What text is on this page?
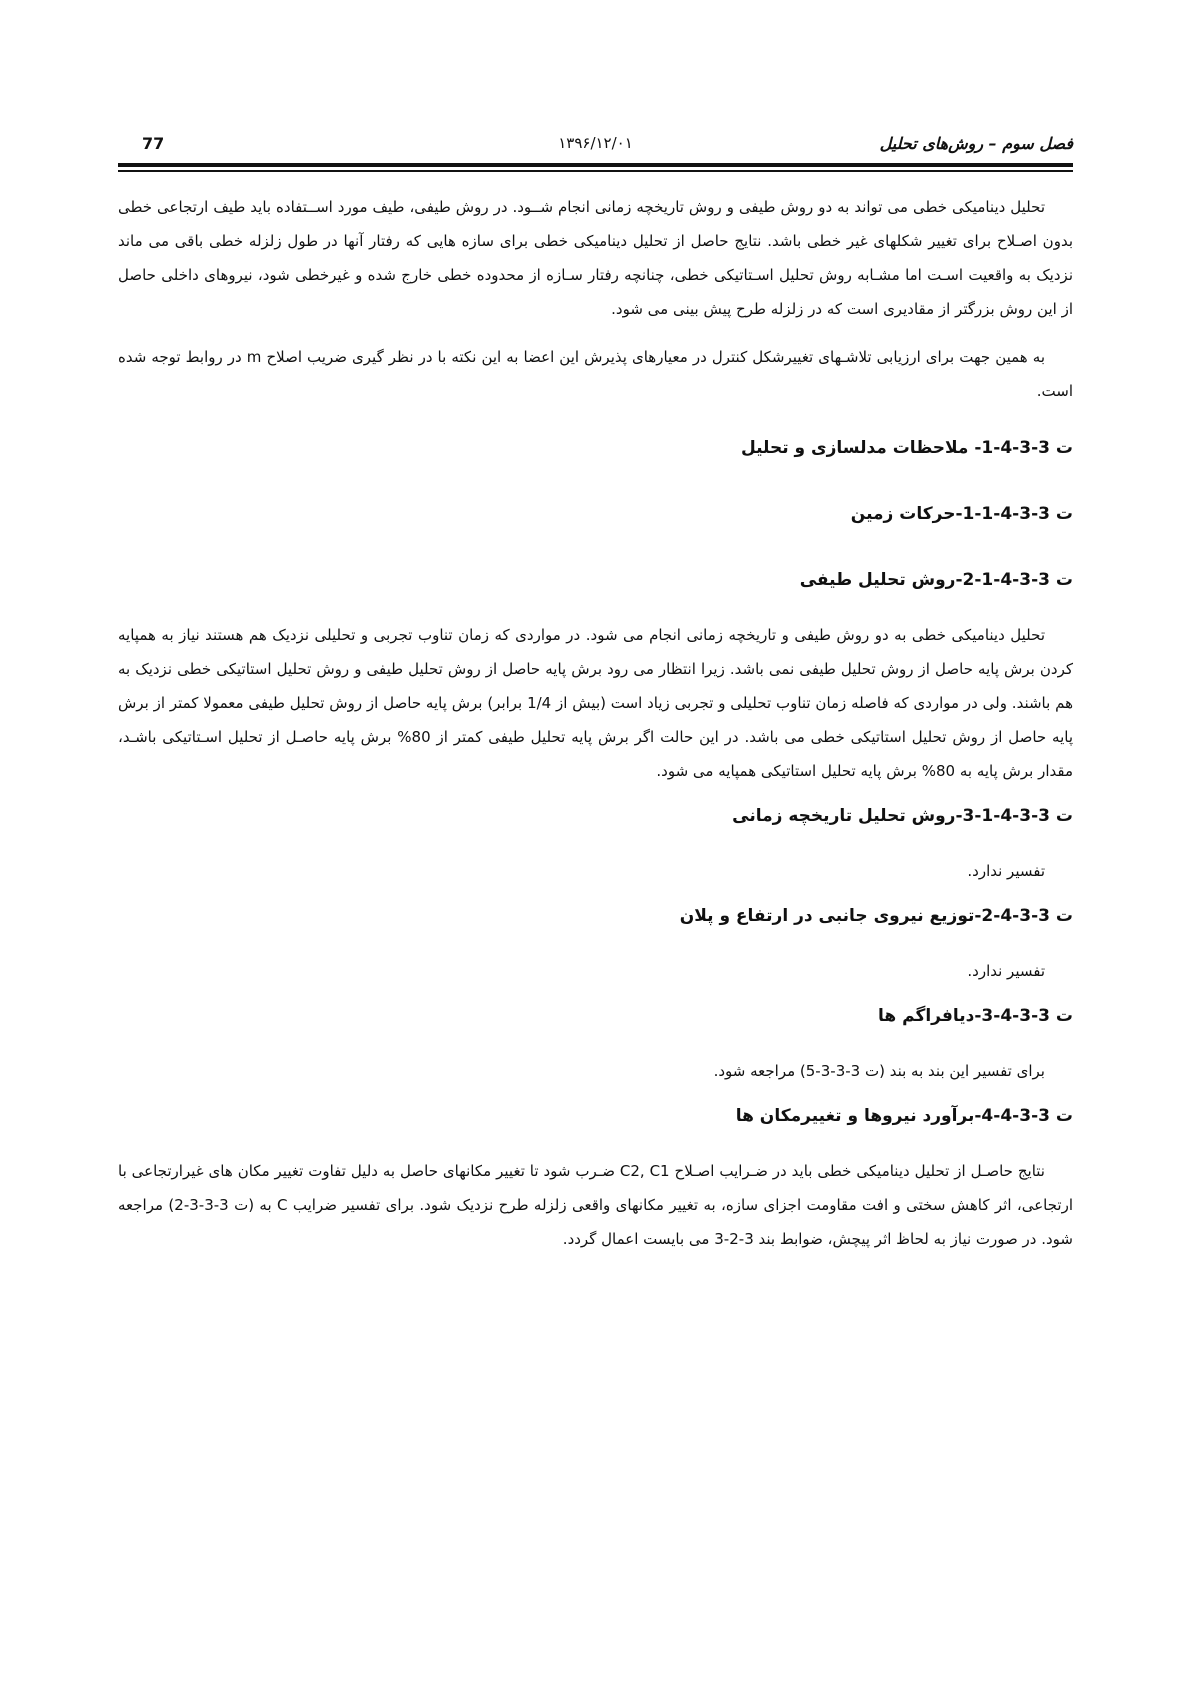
فصل سوم – روش‌های تحلیل
۱۳۹۶/۱۲/۰۱
77

تحلیل دینامیکی خطی می تواند به دو روش طیفی و روش تاریخچه زمانی انجام شــود. در روش طیفی، طیف مورد اســتفاده باید طیف ارتجاعی خطی بدون اصـلاح برای تغییر شکلهای غیر خطی باشد. نتایج حاصل از تحلیل دینامیکی خطی برای سازه هایی که رفتار آنها در طول زلزله خطی باقی می ماند نزدیک به واقعیت اسـت اما مشـابه روش تحلیل اسـتاتیکی خطی، چنانچه رفتار سـازه از محدوده خطی خارج شده و غیرخطی شود، نیروهای داخلی حاصل از این روش بزرگتر از مقادیری است که در زلزله طرح پیش بینی می شود.

به همین جهت برای ارزیابی تلاشـهای تغییرشکل کنترل در معیارهای پذیرش این اعضا به این نکته با در نظر گیری ضریب اصلاح m در روابط توجه شده است.

ت 3-3-4-1- ملاحظات مدلسازی و تحلیل
ت 3-3-4-1-1-حرکات زمین
ت 3-3-4-1-2-روش تحلیل طیفی

تحلیل دینامیکی خطی به دو روش طیفی و تاریخچه زمانی انجام می شود. در مواردی که زمان تناوب تجربی و تحلیلی نزدیک هم هستند نیاز به همپایه کردن برش پایه حاصل از روش تحلیل طیفی نمی باشد. زیرا انتظار می رود برش پایه حاصل از روش تحلیل طیفی و روش تحلیل استاتیکی خطی نزدیک به هم باشند. ولی در مواردی که فاصله زمان تناوب تحلیلی و تجربی زیاد است (بیش از 1/4 برابر) برش پایه حاصل از روش تحلیل طیفی معمولا کمتر از برش پایه حاصل از روش تحلیل استاتیکی خطی می باشد. در این حالت اگر برش پایه تحلیل طیفی کمتر از 80% برش پایه حاصـل از تحلیل اسـتاتیکی باشـد، مقدار برش پایه به 80% برش پایه تحلیل استاتیکی همپایه می شود.

ت 3-3-4-1-3-روش تحلیل تاریخچه زمانی

تفسیر ندارد.

ت 3-3-4-2-توزیع نیروی جانبی در ارتفاع و پلان

تفسیر ندارد.

ت 3-3-4-3-دیافراگم ها

برای تفسیر این بند به بند (ت 3-3-3-5) مراجعه شود.

ت 3-3-4-4-برآورد نیروها و تغییرمکان ها

نتایج حاصـل از تحلیل دینامیکی خطی باید در ضـرایب اصـلاح C2, C1 ضـرب شود تا تغییر مکانهای حاصل به دلیل تفاوت تغییر مکان های غیرارتجاعی با ارتجاعی، اثر کاهش سختی و افت مقاومت اجزای سازه، به تغییر مکانهای واقعی زلزله طرح نزدیک شود. برای تفسیر ضرایب C به (ت 3-3-3-2) مراجعه شود. در صورت نیاز به لحاظ اثر پیچش، ضوابط بند 3-2-3 می بایست اعمال گردد.
